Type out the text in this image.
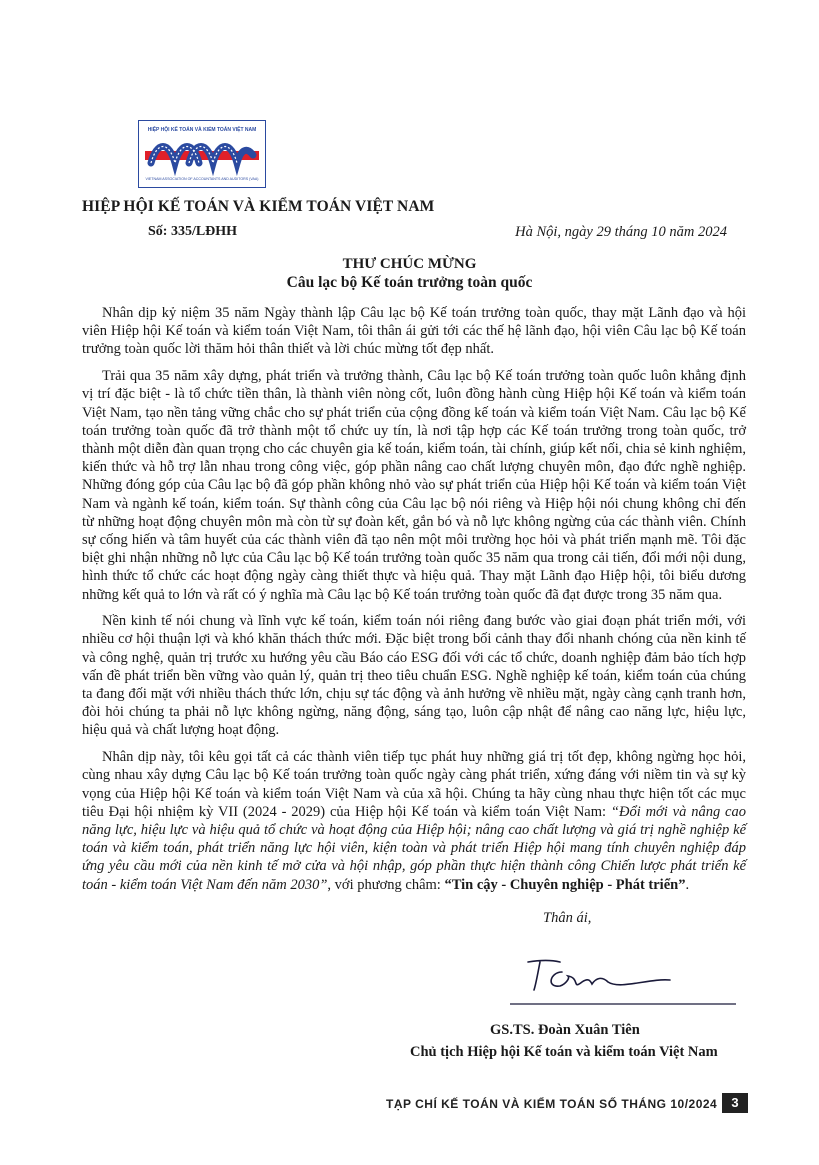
HIỆP HỘI KẾ TOÁN VÀ KIỂM TOÁN VIỆT NAM
VIETNAM ASSOCIATION OF ACCOUNTANTS AND AUDITORS (VAA)
HIỆP HỘI KẾ TOÁN VÀ KIỂM TOÁN VIỆT NAM
Số: 335/LĐHH	Hà Nội, ngày 29 tháng 10 năm 2024
THƯ CHÚC MỪNG
Câu lạc bộ Kế toán trưởng toàn quốc

Nhân dịp kỷ niệm 35 năm Ngày thành lập Câu lạc bộ Kế toán trưởng toàn quốc, thay mặt Lãnh đạo và hội viên Hiệp hội Kế toán và kiểm toán Việt Nam, tôi thân ái gửi tới các thế hệ lãnh đạo, hội viên Câu lạc bộ Kế toán trưởng toàn quốc lời thăm hỏi thân thiết và lời chúc mừng tốt đẹp nhất.

Trải qua 35 năm xây dựng, phát triển và trưởng thành, Câu lạc bộ Kế toán trưởng toàn quốc luôn khẳng định vị trí đặc biệt - là tổ chức tiền thân, là thành viên nòng cốt, luôn đồng hành cùng Hiệp hội Kế toán và kiểm toán Việt Nam, tạo nền tảng vững chắc cho sự phát triển của cộng đồng kế toán và kiểm toán Việt Nam. Câu lạc bộ Kế toán trưởng toàn quốc đã trở thành một tổ chức uy tín, là nơi tập hợp các Kế toán trưởng trong toàn quốc, trở thành một diễn đàn quan trọng cho các chuyên gia kế toán, kiểm toán, tài chính, giúp kết nối, chia sẻ kinh nghiệm, kiến thức và hỗ trợ lẫn nhau trong công việc, góp phần nâng cao chất lượng chuyên môn, đạo đức nghề nghiệp. Những đóng góp của Câu lạc bộ đã góp phần không nhỏ vào sự phát triển của Hiệp hội Kế toán và kiểm toán Việt Nam và ngành kế toán, kiểm toán. Sự thành công của Câu lạc bộ nói riêng và Hiệp hội nói chung không chỉ đến từ những hoạt động chuyên môn mà còn từ sự đoàn kết, gắn bó và nỗ lực không ngừng của các thành viên. Chính sự cống hiến và tâm huyết của các thành viên đã tạo nên một môi trường học hỏi và phát triển mạnh mẽ. Tôi đặc biệt ghi nhận những nỗ lực của Câu lạc bộ Kế toán trưởng toàn quốc 35 năm qua trong cải tiến, đổi mới nội dung, hình thức tổ chức các hoạt động ngày càng thiết thực và hiệu quả. Thay mặt Lãnh đạo Hiệp hội, tôi biểu dương những kết quả to lớn và rất có ý nghĩa mà Câu lạc bộ Kế toán trưởng toàn quốc đã đạt được trong 35 năm qua.

Nền kinh tế nói chung và lĩnh vực kế toán, kiểm toán nói riêng đang bước vào giai đoạn phát triển mới, với nhiều cơ hội thuận lợi và khó khăn thách thức mới. Đặc biệt trong bối cảnh thay đổi nhanh chóng của nền kinh tế và công nghệ, quản trị trước xu hướng yêu cầu Báo cáo ESG đối với các tổ chức, doanh nghiệp đảm bảo tích hợp vấn đề phát triển bền vững vào quản lý, quản trị theo tiêu chuẩn ESG. Nghề nghiệp kế toán, kiểm toán của chúng ta đang đối mặt với nhiều thách thức lớn, chịu sự tác động và ảnh hưởng về nhiều mặt, ngày càng cạnh tranh hơn, đòi hỏi chúng ta phải nỗ lực không ngừng, năng động, sáng tạo, luôn cập nhật để nâng cao năng lực, hiệu lực, hiệu quả và chất lượng hoạt động.

Nhân dịp này, tôi kêu gọi tất cả các thành viên tiếp tục phát huy những giá trị tốt đẹp, không ngừng học hỏi, cùng nhau xây dựng Câu lạc bộ Kế toán trưởng toàn quốc ngày càng phát triển, xứng đáng với niềm tin và sự kỳ vọng của Hiệp hội Kế toán và kiểm toán Việt Nam và của xã hội. Chúng ta hãy cùng nhau thực hiện tốt các mục tiêu Đại hội nhiệm kỳ VII (2024 - 2029) của Hiệp hội Kế toán và kiểm toán Việt Nam: “Đổi mới và nâng cao năng lực, hiệu lực và hiệu quả tổ chức và hoạt động của Hiệp hội; nâng cao chất lượng và giá trị nghề nghiệp kế toán và kiểm toán, phát triển năng lực hội viên, kiện toàn và phát triển Hiệp hội mang tính chuyên nghiệp đáp ứng yêu cầu mới của nền kinh tế mở cửa và hội nhập, góp phần thực hiện thành công Chiến lược phát triển kế toán - kiểm toán Việt Nam đến năm 2030”, với phương châm: “Tin cậy - Chuyên nghiệp - Phát triển”.

Thân ái,
GS.TS. Đoàn Xuân Tiên
Chủ tịch Hiệp hội Kế toán và kiểm toán Việt Nam
TẠP CHÍ KẾ TOÁN VÀ KIỂM TOÁN SỐ THÁNG 10/2024	3
